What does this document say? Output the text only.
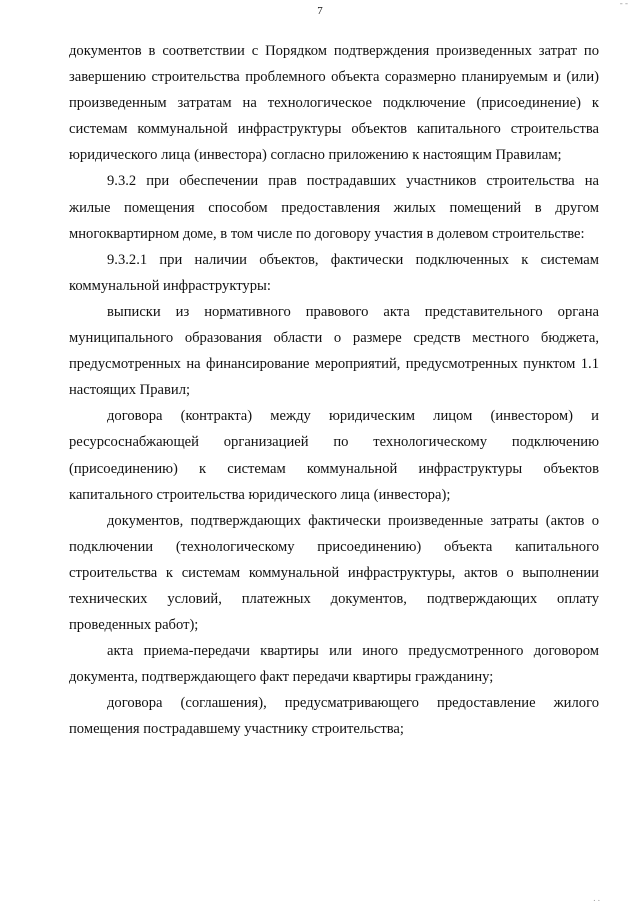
- -
7

документов в соответствии с Порядком подтверждения произведенных затрат по завершению строительства проблемного объекта соразмерно планируемым и (или) произведенным затратам на технологическое подключение (присоединение) к системам коммунальной инфраструктуры объектов капитального строительства юридического лица (инвестора) согласно приложению к настоящим Правилам;

9.3.2 при обеспечении прав пострадавших участников строительства на жилые помещения способом предоставления жилых помещений в другом многоквартирном доме, в том числе по договору участия в долевом строительстве:

9.3.2.1 при наличии объектов, фактически подключенных к системам коммунальной инфраструктуры:

выписки из нормативного правового акта представительного органа муниципального образования области о размере средств местного бюджета, предусмотренных на финансирование мероприятий, предусмотренных пунктом 1.1 настоящих Правил;

договора (контракта) между юридическим лицом (инвестором) и ресурсоснабжающей организацией по технологическому подключению (присоединению) к системам коммунальной инфраструктуры объектов капитального строительства юридического лица (инвестора);

документов, подтверждающих фактически произведенные затраты (актов о подключении (технологическому присоединению) объекта капитального строительства к системам коммунальной инфраструктуры, актов о выполнении технических условий, платежных документов, подтверждающих оплату проведенных работ);

акта приема-передачи квартиры или иного предусмотренного договором документа, подтверждающего факт передачи квартиры гражданину;

договора (соглашения), предусматривающего предоставление жилого помещения пострадавшему участнику строительства;

. .
